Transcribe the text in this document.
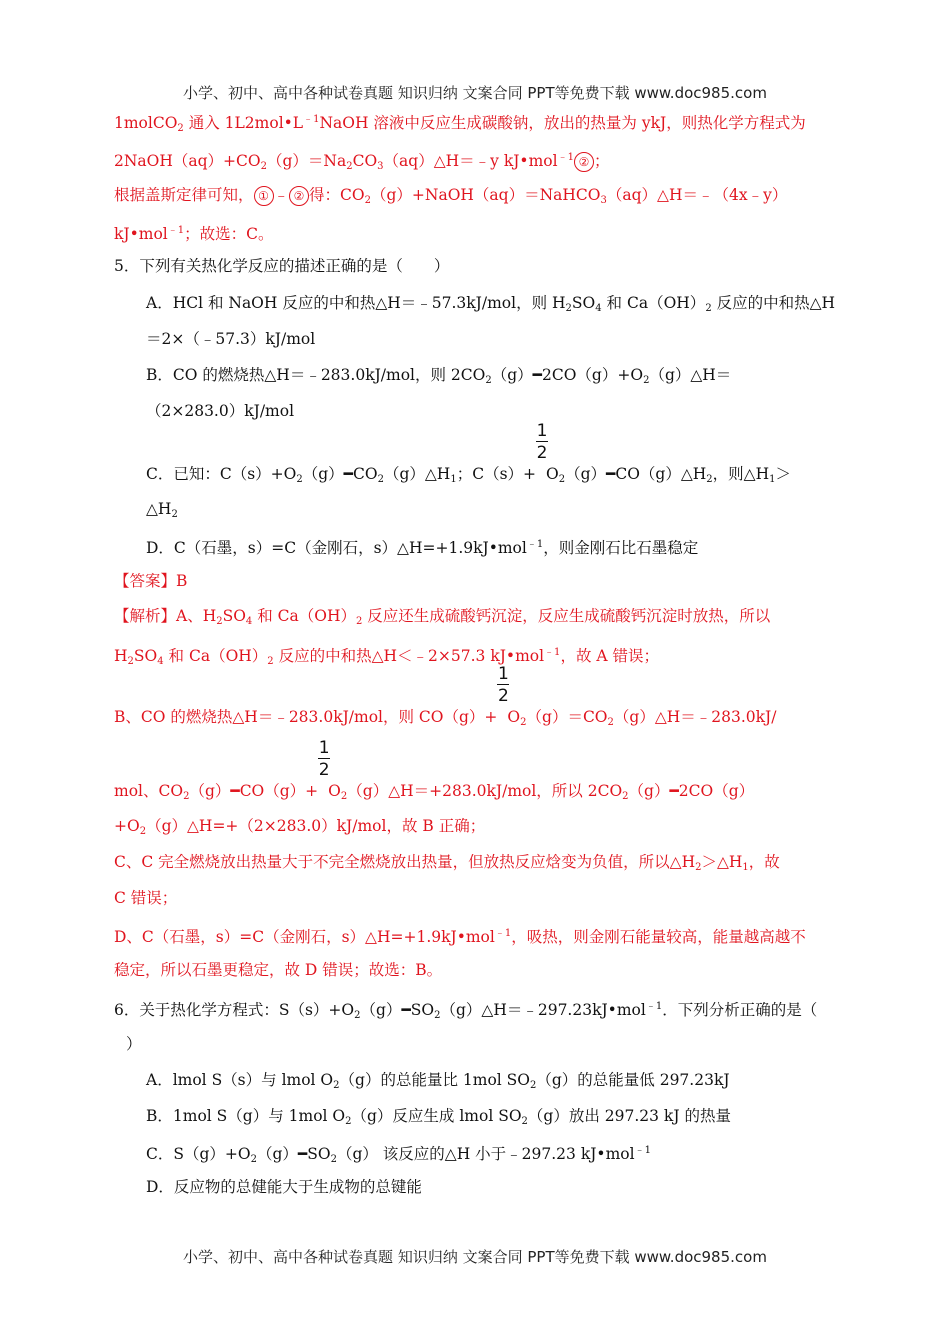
小学、初中、高中各种试卷真题 知识归纳 文案合同 PPT等免费下载 www.doc985.com
1molCO$_2$ 通入 $1L2mol•L^{﹣1}NaOH$ 溶液中反应生成碳酸钠，放出的热量为 ykJ，则热化学方程式为
$2NaOH(aq)+CO_2(g)=Na_2CO_3(aq)\triangle H=﹣y$ kJ•mol$^{﹣1}$ ② ；
根据盖斯定律可知， ① ﹣ ② 得：$CO_2(g)+NaOH(aq)=NaHCO_3(aq)\triangle H=﹣(4x﹣y)$
kJ•mol$^{﹣1}$；故选：C。
5．下列有关热化学反应的描述正确的是（　　）
A．HCl 和 NaOH 反应的中和热△H＝﹣57.3kJ/mol，则 $H_2SO_4$ 和 $Ca(OH)_2$ 反应的中和热△H
＝2×（﹣57.3）kJ/mol
B．CO 的燃烧热△H＝﹣283.0kJ/mol，则 $2CO_2(g)━2CO(g)+O_2(g)\triangle H=$
（2×283.0）kJ/mol
C．已知：$C(s)+O_2(g)━CO_2(g)\triangle H_1$；$C(s)+ \frac{1}{2}$ $O_2(g)━CO(g)\triangle H_2$，则$\triangle H_1>$
$\triangle H_2$
D．C（石墨，s）=C（金刚石，s）△H=+1.9kJ•mol$^{﹣1}$，则金刚石比石墨稳定
【答案】B
【解析】A、$H_2SO_4$ 和 $Ca(OH)_2$ 反应还生成硫酸钙沉淀，反应生成硫酸钙沉淀时放热，所以
$H_2SO_4$ 和 $Ca(OH)_2$ 反应的中和热△H＜﹣2×57.3 kJ•mol$^{﹣1}$，故 A 错误；
B、CO 的燃烧热△H＝﹣283.0kJ/mol，则 $CO(g)+ \frac{1}{2}$ $O_2(g)=CO_2(g)\triangle H=﹣283.0kJ/$
mol、$CO_2(g)━CO(g)+ \frac{1}{2}$ $O_2(g)\triangle H=+283.0kJ$/mol，所以 $2CO_2(g)━2CO(g)$
$+O_2(g)\triangle H=+(2\times 283.0)kJ$/mol，故 B 正确；
C、C 完全燃烧放出热量大于不完全燃烧放出热量，但放热反应焓变为负值，所以$\triangle H_2>\triangle H_1$，故
C 错误；
D、C（石墨，s）=C（金刚石，s）△H=+1.9kJ•mol$^{﹣1}$，吸热，则金刚石能量较高，能量越高越不
稳定，所以石墨更稳定，故 D 错误；故选：B。
6．关于热化学方程式：$S(s)+O_2(g)━SO_2(g)\triangle H=﹣297.23kJ•mol^{﹣1}$．下列分析正确的是（
）
A．lmol S（s）与 lmol $O_2(g)$的总能量比 1mol $SO_2(g)$的总能量低 297.23kJ
B．1mol S（g）与 1mol $O_2(g)$反应生成 lmol $SO_2(g)$放出 297.23 kJ 的热量
C．$S(g)+O_2(g)━SO_2(g)$ 该反应的△H 小于﹣297.23 kJ•mol$^{﹣1}$
D．反应物的总健能大于生成物的总键能
小学、初中、高中各种试卷真题 知识归纳 文案合同 PPT等免费下载 www.doc985.com
